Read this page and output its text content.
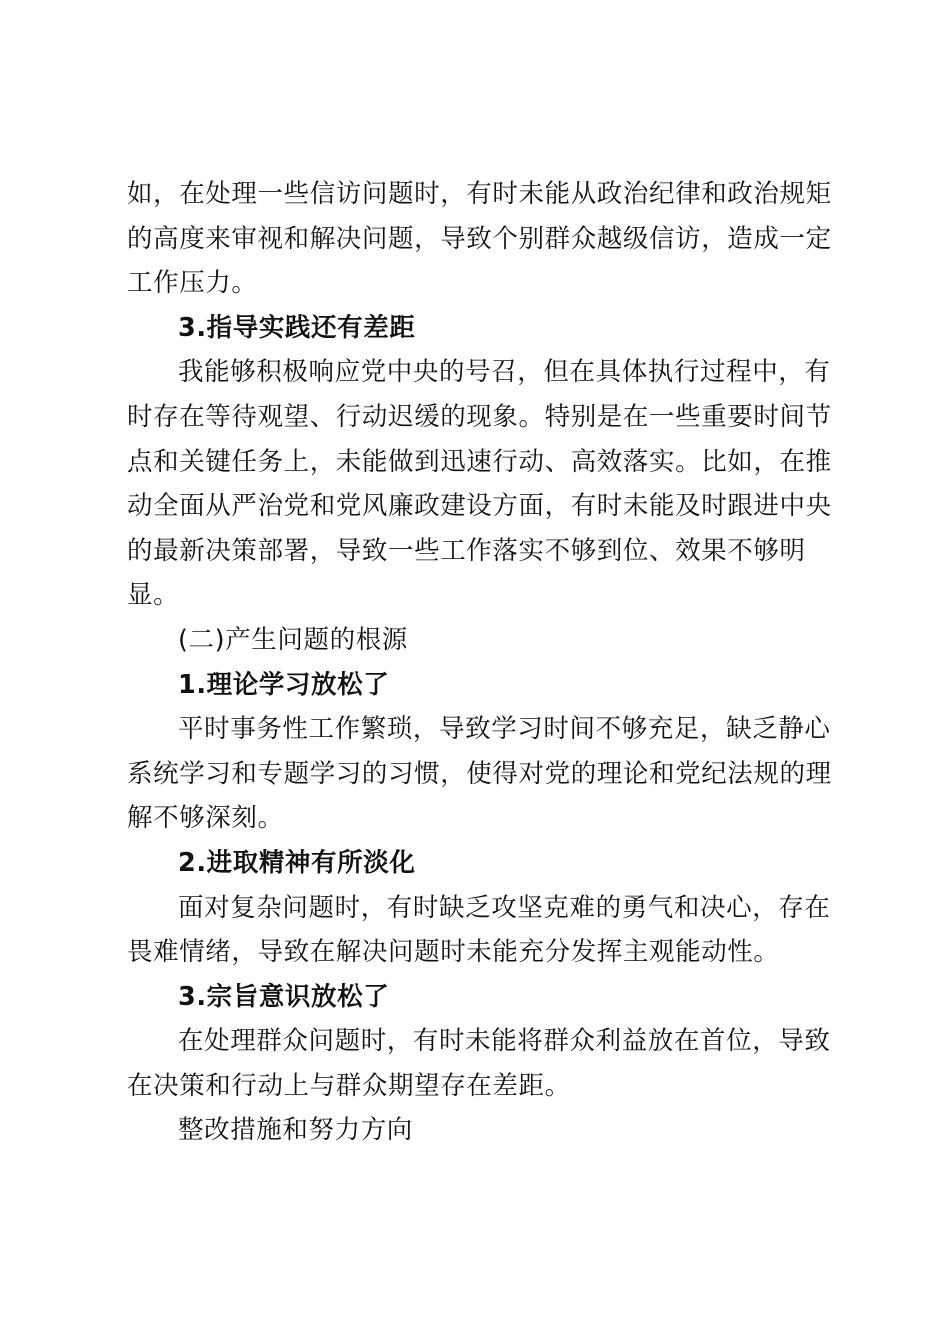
如，在处理一些信访问题时，有时未能从政治纪律和政治规矩
的高度来审视和解决问题，导致个别群众越级信访，造成一定
工作压力。
3.指导实践还有差距
我能够积极响应党中央的号召，但在具体执行过程中，有
时存在等待观望、行动迟缓的现象。特别是在一些重要时间节
点和关键任务上，未能做到迅速行动、高效落实。比如，在推
动全面从严治党和党风廉政建设方面，有时未能及时跟进中央
的最新决策部署，导致一些工作落实不够到位、效果不够明
显。
(二)产生问题的根源
1.理论学习放松了
平时事务性工作繁琐，导致学习时间不够充足，缺乏静心
系统学习和专题学习的习惯，使得对党的理论和党纪法规的理
解不够深刻。
2.进取精神有所淡化
面对复杂问题时，有时缺乏攻坚克难的勇气和决心，存在
畏难情绪，导致在解决问题时未能充分发挥主观能动性。
3.宗旨意识放松了
在处理群众问题时，有时未能将群众利益放在首位，导致
在决策和行动上与群众期望存在差距。
整改措施和努力方向
